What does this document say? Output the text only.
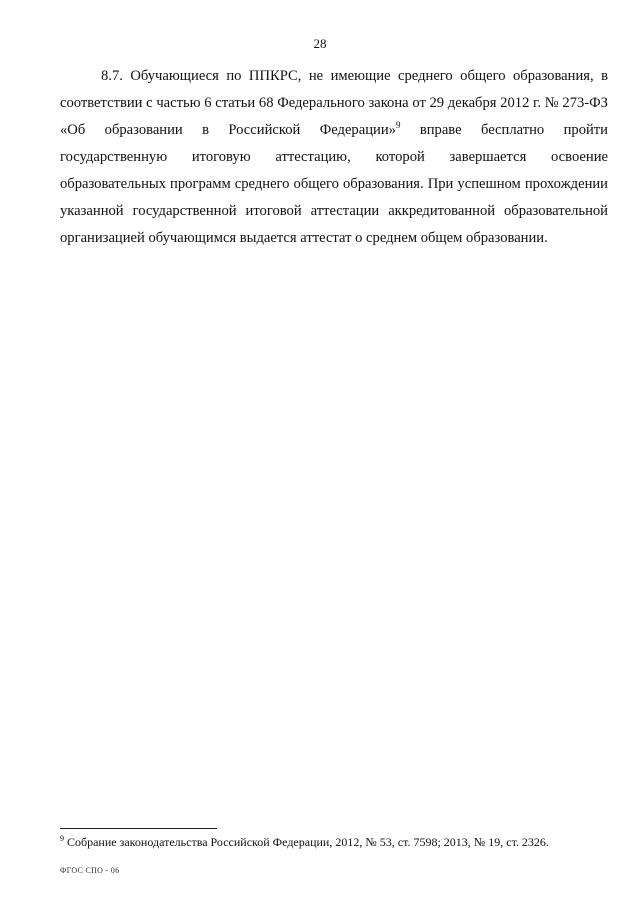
28

8.7. Обучающиеся по ППКРС, не имеющие среднего общего образования, в соответствии с частью 6 статьи 68 Федерального закона от 29 декабря 2012 г. № 273-ФЗ «Об образовании в Российской Федерации»$^9$ вправе бесплатно пройти государственную итоговую аттестацию, которой завершается освоение образовательных программ среднего общего образования. При успешном прохождении указанной государственной итоговой аттестации аккредитованной образовательной организацией обучающимся выдается аттестат о среднем общем образовании.

$^9$ Собрание законодательства Российской Федерации, 2012, № 53, ст. 7598; 2013, № 19, ст. 2326.
ФГОС СПО - 06
